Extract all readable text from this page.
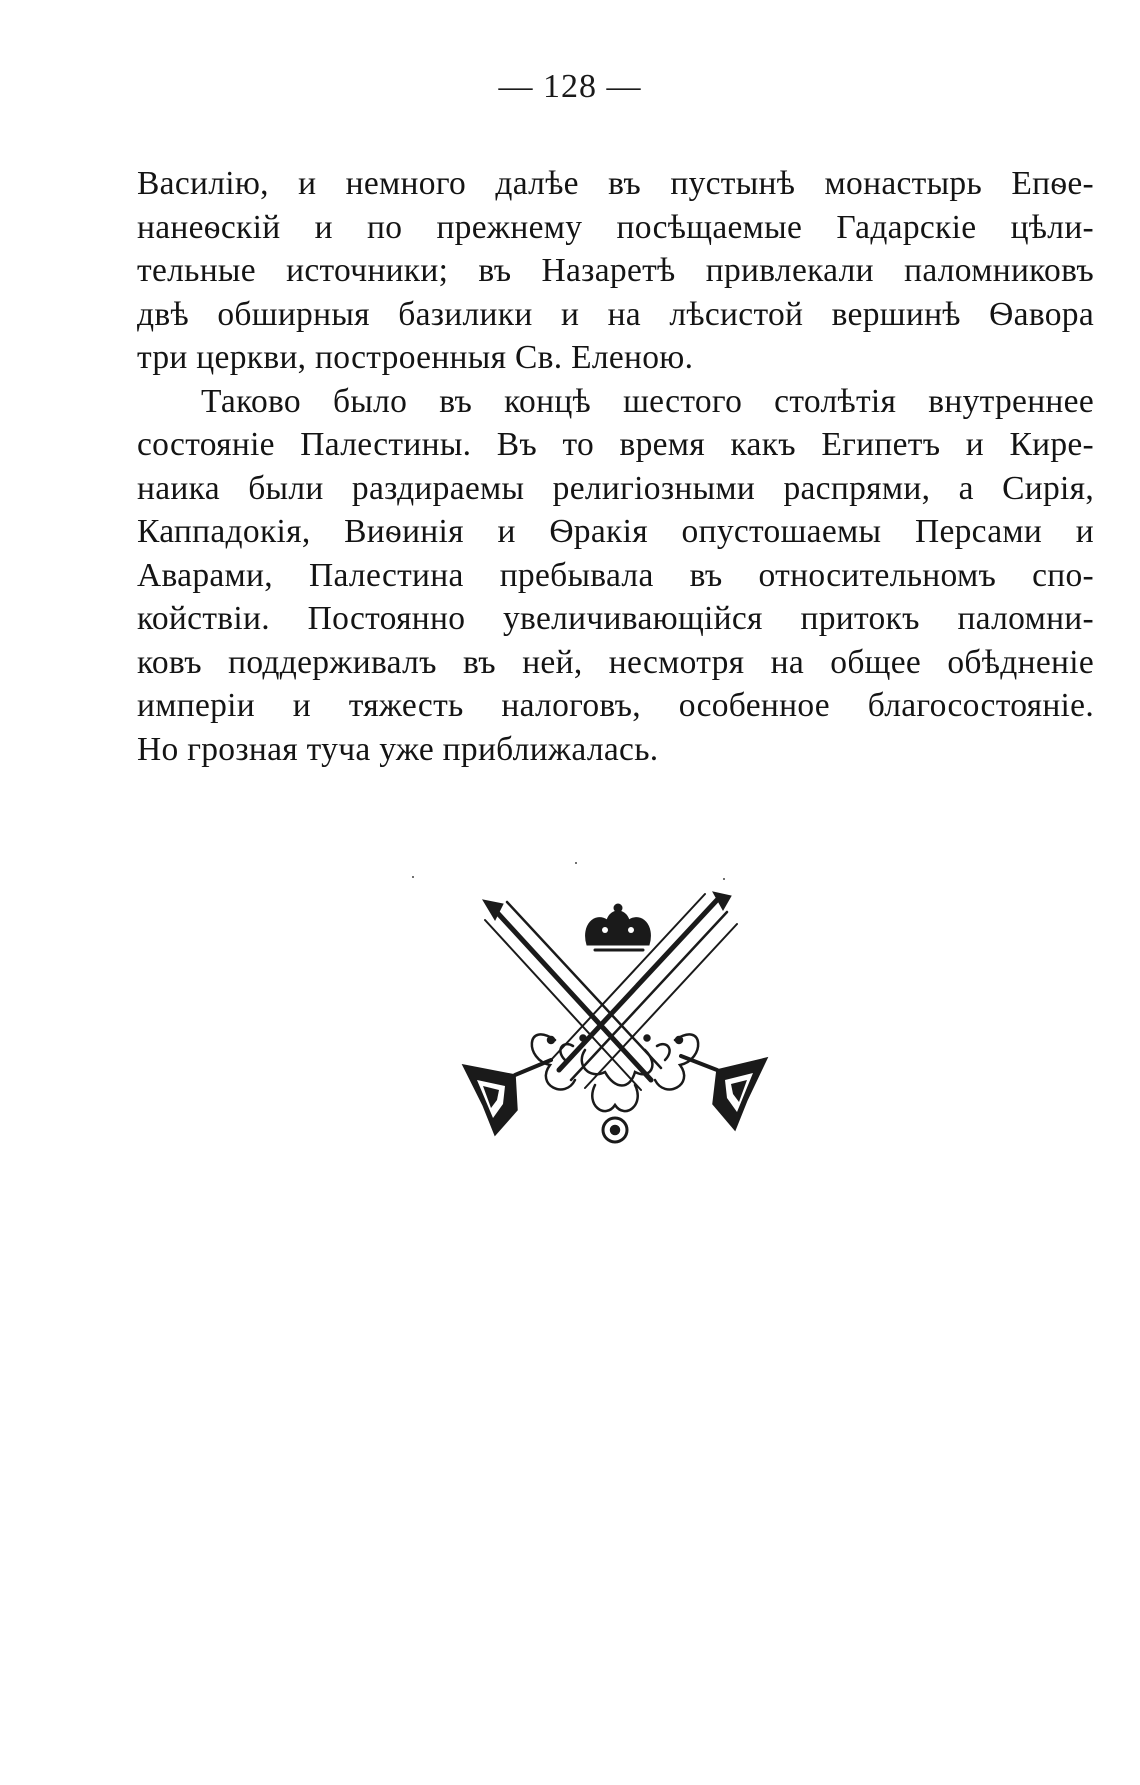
— 128 —
Василію, и немного далѣе въ пустынѣ монастырь Епѳе-
нанеѳскій и по прежнему посѣщаемые Гадарскіе цѣли-
тельные источники; въ Назаретѣ привлекали паломниковъ
двѣ обширныя базилики и на лѣсистой вершинѣ Ѳавора
три церкви, построенныя Св. Еленою.
Таково было въ концѣ шестого столѣтія внутреннее
состояніе Палестины. Въ то время какъ Египетъ и Кире-
наика были раздираемы религіозными распрями, а Сирія,
Каппадокія, Виѳинія и Ѳракія опустошаемы Персами и
Аварами, Палестина пребывала въ относительномъ спо-
койствіи. Постоянно увеличивающійся притокъ паломни-
ковъ поддерживалъ въ ней, несмотря на общее обѣдненіе
имперіи и тяжесть налоговъ, особенное благосостояніе.
Но грозная туча уже приближалась.
